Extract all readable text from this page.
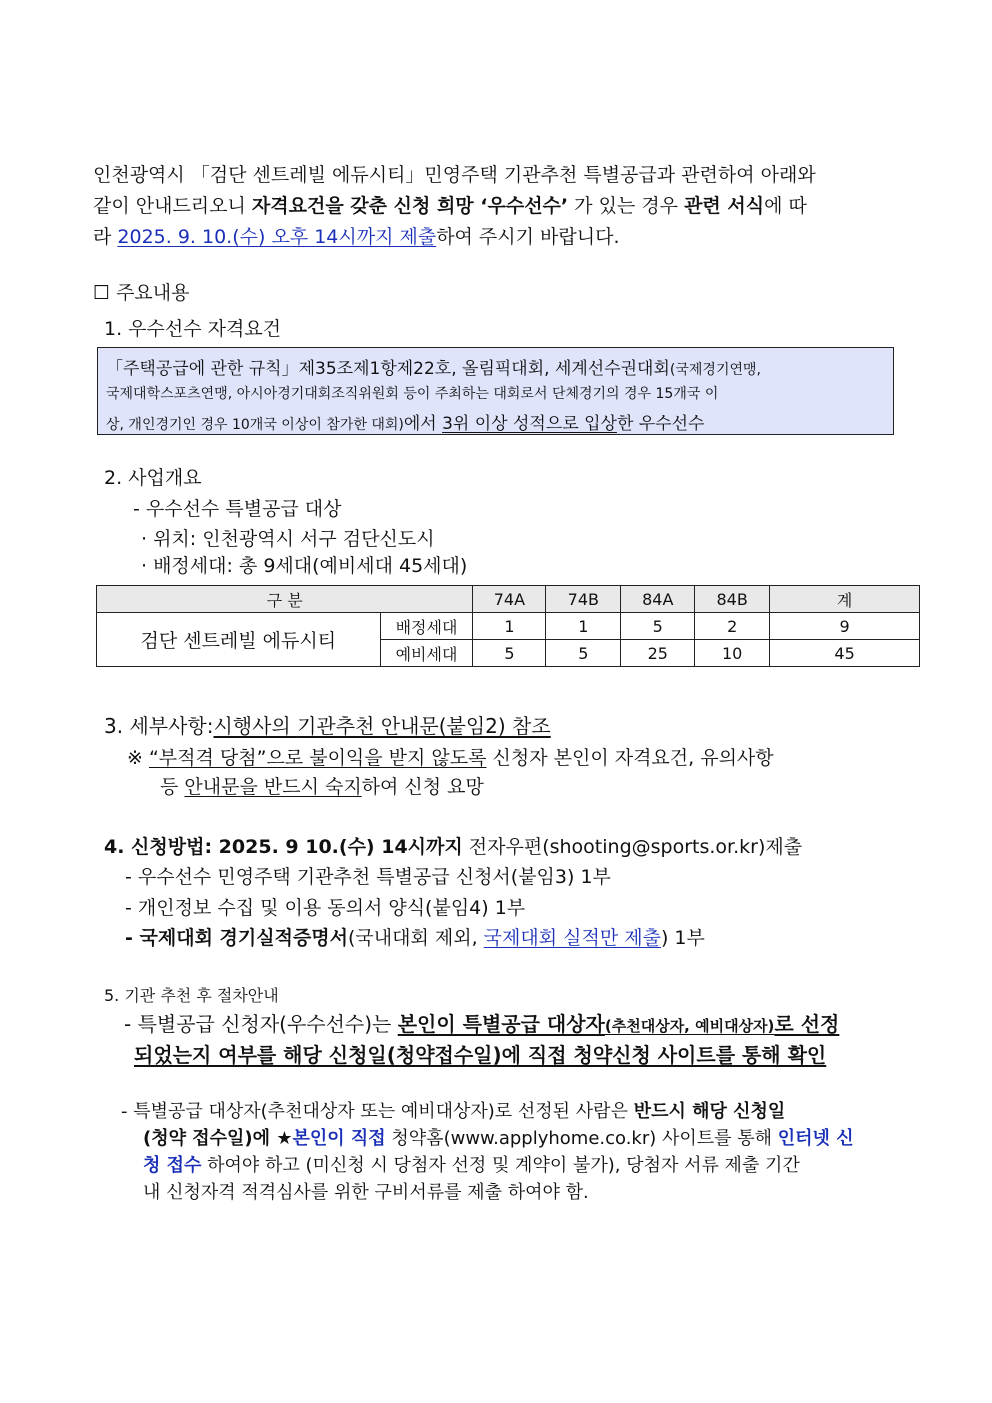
인천광역시 「검단 센트레빌 에듀시티」민영주택 기관추천 특별공급과 관련하여 아래와
같이 안내드리오니 자격요건을 갖춘 신청 희망 ‘우수선수’ 가 있는 경우 관련 서식에 따
라 2025. 9. 10.(수) 오후 14시까지 제출하여 주시기 바랍니다.
☐ 주요내용
1. 우수선수 자격요건
「주택공급에 관한 규칙」제35조제1항제22호, 올림픽대회, 세계선수권대회(국제경기연맹,
국제대학스포츠연맹, 아시아경기대회조직위원회 등이 주최하는 대회로서 단체경기의 경우 15개국 이
상, 개인경기인 경우 10개국 이상이 참가한 대회)에서 3위 이상 성적으로 입상한 우수선수
2. 사업개요
- 우수선수 특별공급 대상
· 위치: 인천광역시 서구 검단신도시
· 배정세대: 총 9세대(예비세대 45세대)
구 분		74A	74B	84A	84B	계
검단 센트레빌 에듀시티	배정세대	1	1	5	2	9
	예비세대	5	5	25	10	45
3. 세부사항:시행사의 기관추천 안내문(붙임2) 참조
※ “부적격 당첨”으로 불이익을 받지 않도록 신청자 본인이 자격요건, 유의사항
등 안내문을 반드시 숙지하여 신청 요망
4. 신청방법: 2025. 9 10.(수) 14시까지 전자우편(shooting@sports.or.kr)제출
- 우수선수 민영주택 기관추천 특별공급 신청서(붙임3) 1부
- 개인정보 수집 및 이용 동의서 양식(붙임4) 1부
- 국제대회 경기실적증명서(국내대회 제외, 국제대회 실적만 제출) 1부
5. 기관 추천 후 절차안내
- 특별공급 신청자(우수선수)는 본인이 특별공급 대상자(추천대상자, 예비대상자)로 선정
되었는지 여부를 해당 신청일(청약접수일)에 직접 청약신청 사이트를 통해 확인
- 특별공급 대상자(추천대상자 또는 예비대상자)로 선정된 사람은 반드시 해당 신청일
(청약 접수일)에 ★본인이 직접 청약홈(www.applyhome.co.kr) 사이트를 통해 인터넷 신
청 접수 하여야 하고 (미신청 시 당첨자 선정 및 계약이 불가), 당첨자 서류 제출 기간
내 신청자격 적격심사를 위한 구비서류를 제출 하여야 함.
